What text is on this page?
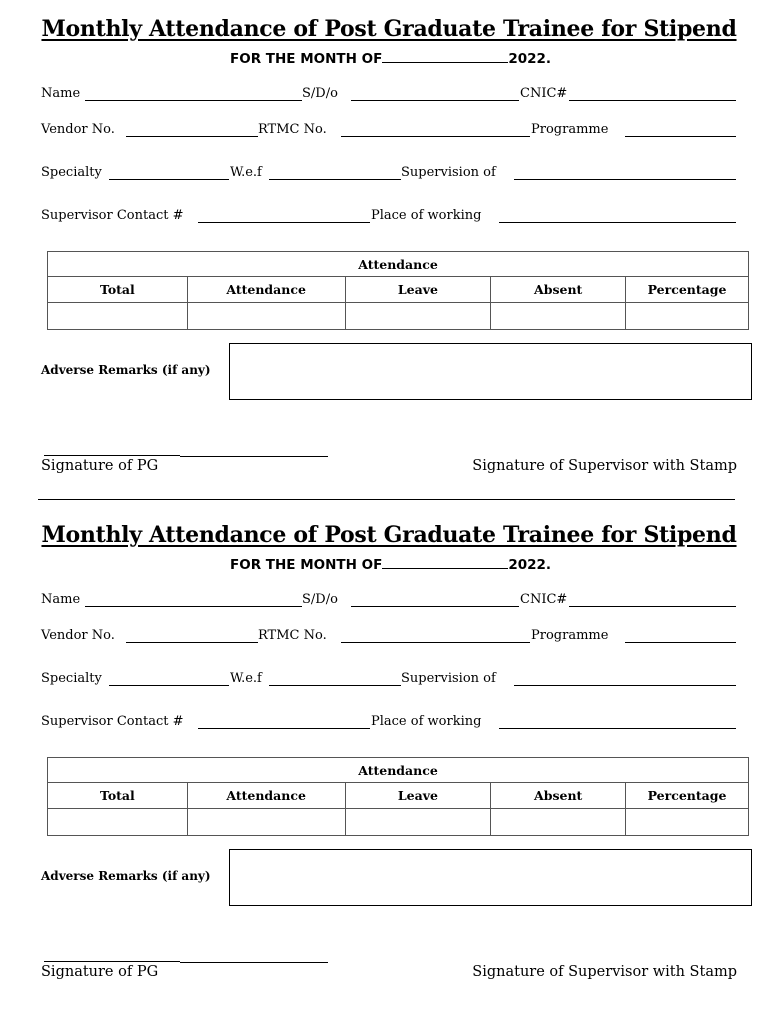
Monthly Attendance of Post Graduate Trainee for Stipend
FOR THE MONTH OF	2022.
Name	S/D/o	CNIC#
Vendor No.	RTMC No.	Programme
Specialty	W.e.f	Supervision of
Supervisor Contact #	Place of working
Attendance				
Total	Attendance	Leave	Absent	Percentage

Adverse Remarks (if any)
Signature of PG	Signature of Supervisor with Stamp
Monthly Attendance of Post Graduate Trainee for Stipend
FOR THE MONTH OF	2022.
Name	S/D/o	CNIC#
Vendor No.	RTMC No.	Programme
Specialty	W.e.f	Supervision of
Supervisor Contact #	Place of working
Attendance				
Total	Attendance	Leave	Absent	Percentage

Adverse Remarks (if any)
Signature of PG	Signature of Supervisor with Stamp
